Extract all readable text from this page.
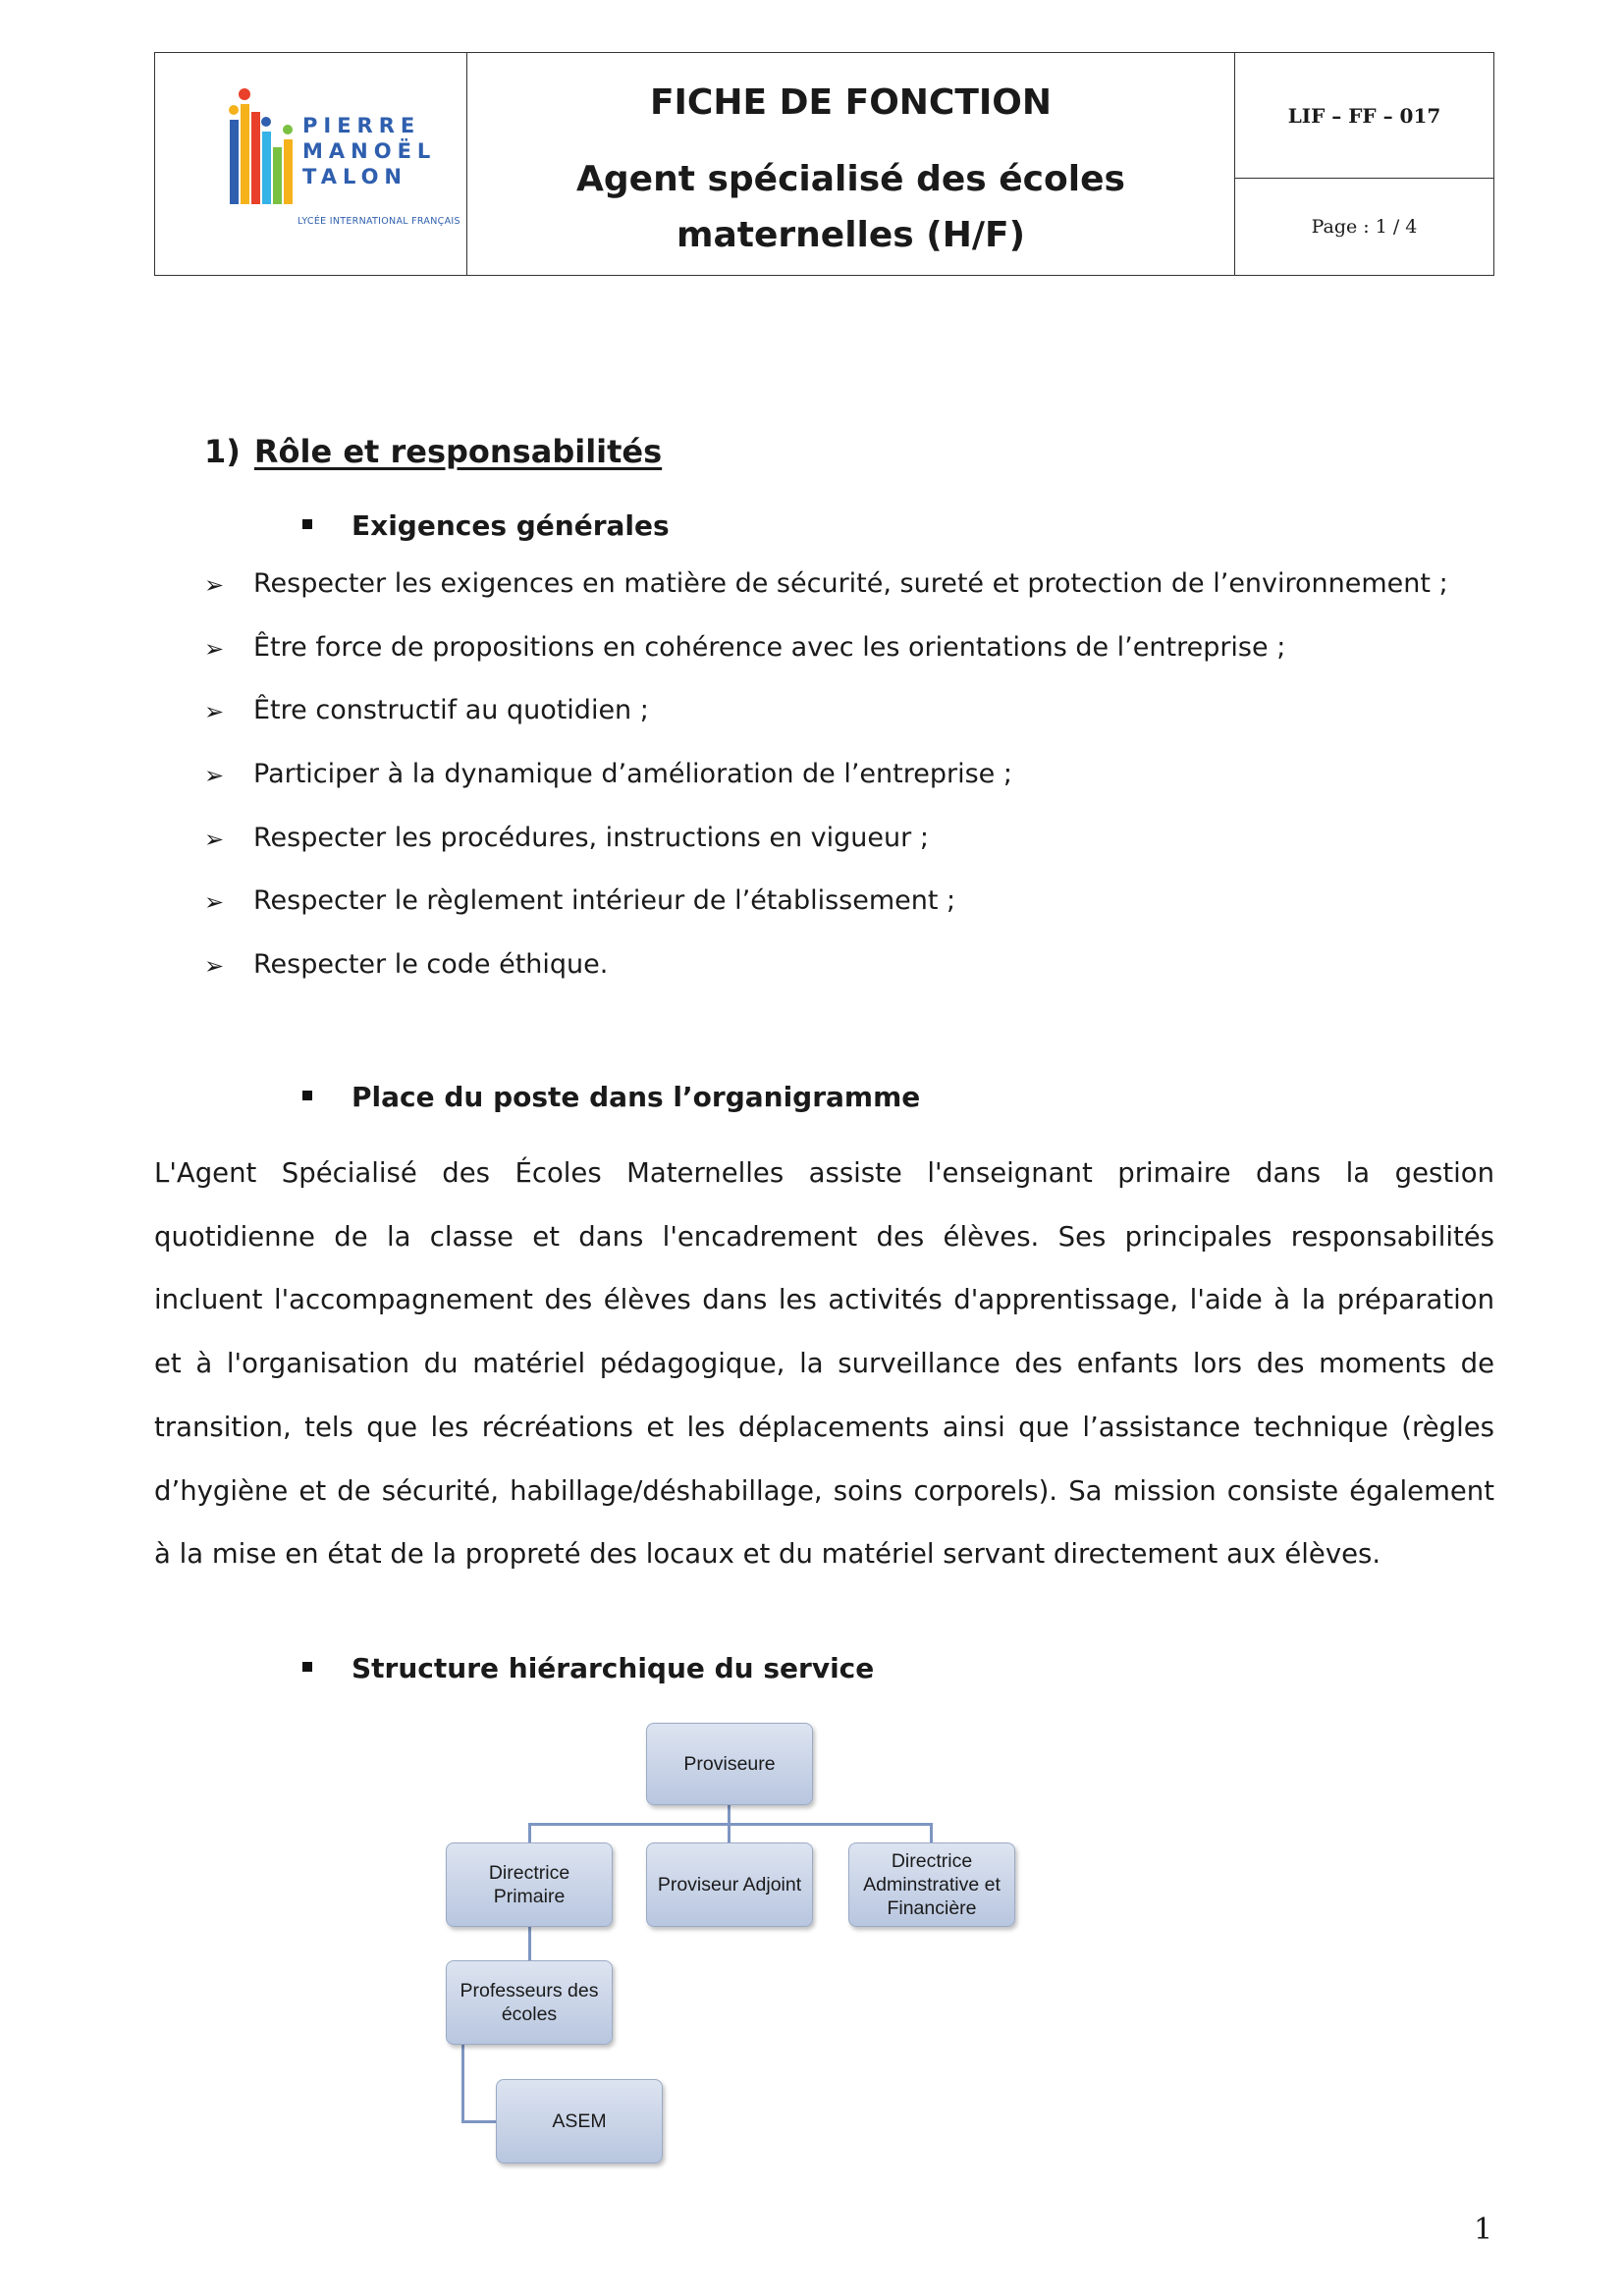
PIERRE
MANOËL
TALON
LYCÉE INTERNATIONAL FRANÇAIS
FICHE DE FONCTION
Agent spécialisé des écoles
maternelles (H/F)
LIF – FF – 017
Page : 1 / 4
1) Rôle et responsabilités
Exigences générales
➢ Respecter les exigences en matière de sécurité, sureté et protection de l’environnement ;
➢ Être force de propositions en cohérence avec les orientations de l’entreprise ;
➢ Être constructif au quotidien ;
➢ Participer à la dynamique d’amélioration de l’entreprise ;
➢ Respecter les procédures, instructions en vigueur ;
➢ Respecter le règlement intérieur de l’établissement ;
➢ Respecter le code éthique.
Place du poste dans l’organigramme

L'Agent Spécialisé des Écoles Maternelles assiste l'enseignant primaire dans la gestion quotidienne de la classe et dans l'encadrement des élèves. Ses principales responsabilités incluent l'accompagnement des élèves dans les activités d'apprentissage, l'aide à la préparation et à l'organisation du matériel pédagogique, la surveillance des enfants lors des moments de transition, tels que les récréations et les déplacements ainsi que l’assistance technique (règles d’hygiène et de sécurité, habillage/déshabillage, soins corporels). Sa mission consiste également à la mise en état de la propreté des locaux et du matériel servant directement aux élèves.

Structure hiérarchique du service
Proviseure
Directrice Primaire
Proviseur Adjoint
Directrice Adminstrative et Financière
Professeurs des écoles
ASEM
1
